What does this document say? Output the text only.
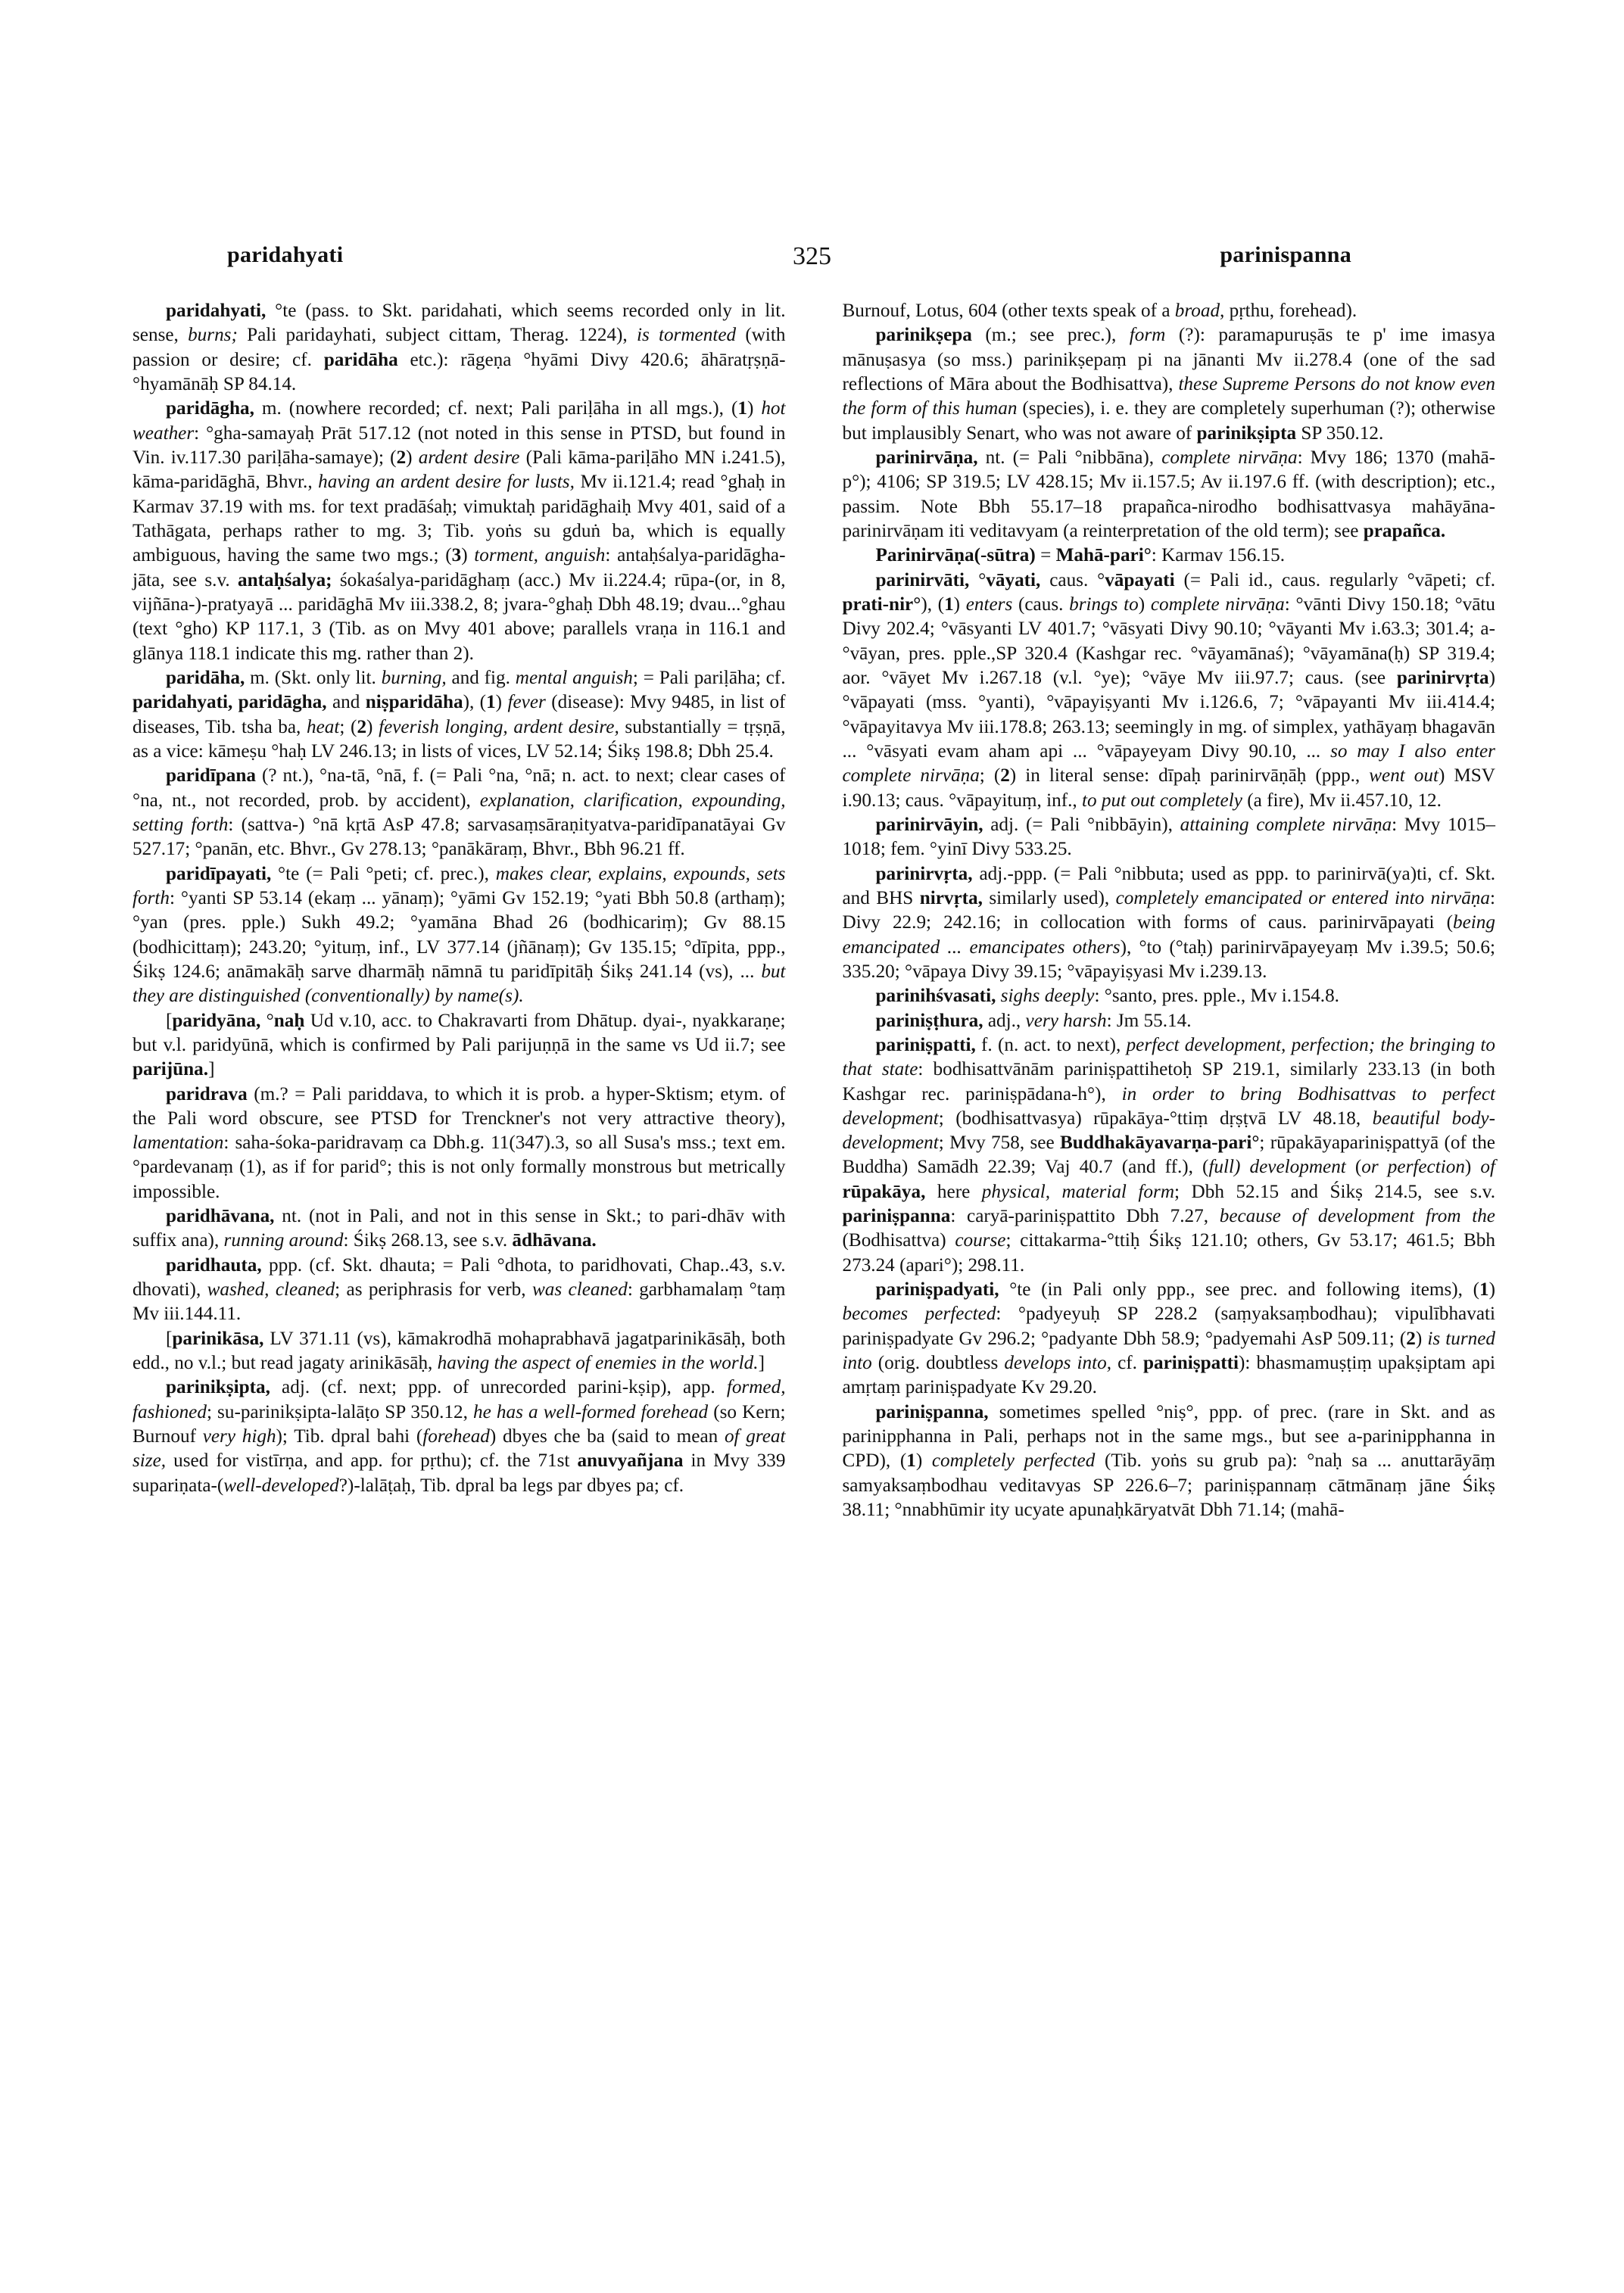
paridahyati	325	parinispanna

paridahyati, °te (pass. to Skt. paridahati, which seems recorded only in lit. sense, burns; Pali paridayhati, subject cittam, Therag. 1224), is tormented (with passion or desire; cf. paridāha etc.): rāgeṇa °hyāmi Divy 420.6; āhāratṛṣṇā-°hyamānāḥ SP 84.14.

paridāgha, m. (nowhere recorded; cf. next; Pali pariḷāha in all mgs.), (1) hot weather: °gha-samayaḥ Prāt 517.12 (not noted in this sense in PTSD, but found in Vin. iv.117.30 pariḷāha-samaye); (2) ardent desire (Pali kāma-pariḷāho MN i.241.5), kāma-paridāghā, Bhvr., having an ardent desire for lusts, Mv ii.121.4; read °ghaḥ in Karmav 37.19 with ms. for text pradāśaḥ; vimuktaḥ paridāghaiḥ Mvy 401, said of a Tathāgata, perhaps rather to mg. 3; Tib. yoṅs su gduṅ ba, which is equally ambiguous, having the same two mgs.; (3) torment, anguish: antaḥśalya-paridāgha-jāta, see s.v. antaḥśalya; śokaśalya-paridāghaṃ (acc.) Mv ii.224.4; rūpa-(or, in 8, vijñāna-)-pratyayā ... paridāghā Mv iii.338.2, 8; jvara-°ghaḥ Dbh 48.19; dvau...°ghau (text °gho) KP 117.1, 3 (Tib. as on Mvy 401 above; parallels vraṇa in 116.1 and glānya 118.1 indicate this mg. rather than 2).

paridāha, m. (Skt. only lit. burning, and fig. mental anguish; = Pali pariḷāha; cf. paridahyati, paridāgha, and niṣparidāha), (1) fever (disease): Mvy 9485, in list of diseases, Tib. tsha ba, heat; (2) feverish longing, ardent desire, substantially = tṛṣṇā, as a vice: kāmeṣu °haḥ LV 246.13; in lists of vices, LV 52.14; Śikṣ 198.8; Dbh 25.4.

paridīpana (? nt.), °na-tā, °nā, f. (= Pali °na, °nā; n. act. to next; clear cases of °na, nt., not recorded, prob. by accident), explanation, clarification, expounding, setting forth: (sattva-) °nā kṛtā AsP 47.8; sarvasaṃsāraṇityatva-paridīpanatāyai Gv 527.17; °panān, etc. Bhvr., Gv 278.13; °panākāraṃ, Bhvr., Bbh 96.21 ff.

paridīpayati, °te (= Pali °peti; cf. prec.), makes clear, explains, expounds, sets forth: °yanti SP 53.14 (ekaṃ ... yānaṃ); °yāmi Gv 152.19; °yati Bbh 50.8 (arthaṃ); °yan (pres. pple.) Sukh 49.2; °yamāna Bhad 26 (bodhicariṃ); Gv 88.15 (bodhicittaṃ); 243.20; °yituṃ, inf., LV 377.14 (jñānaṃ); Gv 135.15; °dīpita, ppp., Śikṣ 124.6; anāmakāḥ sarve dharmāḥ nāmnā tu paridīpitāḥ Śikṣ 241.14 (vs), ... but they are distinguished (conventionally) by name(s).

[paridyāna, °naḥ Ud v.10, acc. to Chakravarti from Dhātup. dyai-, nyakkaraṇe; but v.l. paridyūnā, which is confirmed by Pali parijuṇṇā in the same vs Ud ii.7; see parijūna.]

paridrava (m.? = Pali pariddava, to which it is prob. a hyper-Sktism; etym. of the Pali word obscure, see PTSD for Trenckner's not very attractive theory), lamentation: saha-śoka-paridravaṃ ca Dbh.g. 11(347).3, so all Susa's mss.; text em. °pardevanaṃ (1), as if for parid°; this is not only formally monstrous but metrically impossible.

paridhāvana, nt. (not in Pali, and not in this sense in Skt.; to pari-dhāv with suffix ana), running around: Śikṣ 268.13, see s.v. ādhāvana.

paridhauta, ppp. (cf. Skt. dhauta; = Pali °dhota, to paridhovati, Chap..43, s.v. dhovati), washed, cleaned; as periphrasis for verb, was cleaned: garbhamalaṃ °taṃ Mv iii.144.11.

[parinikāsa, LV 371.11 (vs), kāmakrodhā mohaprabhavā jagatparinikāsāḥ, both edd., no v.l.; but read jagaty arinikāsāḥ, having the aspect of enemies in the world.]

parinikṣipta, adj. (cf. next; ppp. of unrecorded parini-kṣip), app. formed, fashioned; su-parinikṣipta-lalāṭo SP 350.12, he has a well-formed forehead (so Kern; Burnouf very high); Tib. dpral bahi (forehead) dbyes che ba (said to mean of great size, used for vistīrṇa, and app. for pṛthu); cf. the 71st anuvyañjana in Mvy 339 supariṇata-(well-developed?)-lalāṭaḥ, Tib. dpral ba legs par dbyes pa; cf.

Burnouf, Lotus, 604 (other texts speak of a broad, pṛthu, forehead).

parinikṣepa (m.; see prec.), form (?): paramapuruṣās te p' ime imasya mānuṣasya (so mss.) parinikṣepaṃ pi na jānanti Mv ii.278.4 (one of the sad reflections of Māra about the Bodhisattva), these Supreme Persons do not know even the form of this human (species), i. e. they are completely superhuman (?); otherwise but implausibly Senart, who was not aware of parinikṣipta SP 350.12.

parinirvāṇa, nt. (= Pali °nibbāna), complete nirvāṇa: Mvy 186; 1370 (mahā-p°); 4106; SP 319.5; LV 428.15; Mv ii.157.5; Av ii.197.6 ff. (with description); etc., passim. Note Bbh 55.17–18 prapañca-nirodho bodhisattvasya mahāyāna-parinirvāṇam iti veditavyam (a reinterpretation of the old term); see prapañca.

Parinirvāṇa(-sūtra) = Mahā-pari°: Karmav 156.15.

parinirvāti, °vāyati, caus. °vāpayati (= Pali id., caus. regularly °vāpeti; cf. prati-nir°), (1) enters (caus. brings to) complete nirvāṇa: °vānti Divy 150.18; °vātu Divy 202.4; °vāsyanti LV 401.7; °vāsyati Divy 90.10; °vāyanti Mv i.63.3; 301.4; a-°vāyan, pres. pple.,SP 320.4 (Kashgar rec. °vāyamānaś); °vāyamāna(ḥ) SP 319.4; aor. °vāyet Mv i.267.18 (v.l. °ye); °vāye Mv iii.97.7; caus. (see parinirvṛta) °vāpayati (mss. °yanti), °vāpayiṣyanti Mv i.126.6, 7; °vāpayanti Mv iii.414.4; °vāpayitavya Mv iii.178.8; 263.13; seemingly in mg. of simplex, yathāyaṃ bhagavān ... °vāsyati evam aham api ... °vāpayeyam Divy 90.10, ... so may I also enter complete nirvāṇa; (2) in literal sense: dīpaḥ parinirvāṇāḥ (ppp., went out) MSV i.90.13; caus. °vāpayituṃ, inf., to put out completely (a fire), Mv ii.457.10, 12.

parinirvāyin, adj. (= Pali °nibbāyin), attaining complete nirvāṇa: Mvy 1015–1018; fem. °yinī Divy 533.25.

parinirvṛta, adj.-ppp. (= Pali °nibbuta; used as ppp. to parinirvā(ya)ti, cf. Skt. and BHS nirvṛta, similarly used), completely emancipated or entered into nirvāṇa: Divy 22.9; 242.16; in collocation with forms of caus. parinirvāpayati (being emancipated ... emancipates others), °to (°taḥ) parinirvāpayeyaṃ Mv i.39.5; 50.6; 335.20; °vāpaya Divy 39.15; °vāpayiṣyasi Mv i.239.13.

parinihśvasati, sighs deeply: °santo, pres. pple., Mv i.154.8.

pariniṣṭhura, adj., very harsh: Jm 55.14.

pariniṣpatti, f. (n. act. to next), perfect development, perfection; the bringing to that state: bodhisattvānām pariniṣpattihetoḥ SP 219.1, similarly 233.13 (in both Kashgar rec. pariniṣpādana-h°), in order to bring Bodhisattvas to perfect development; (bodhisattvasya) rūpakāya-°ttiṃ dṛṣṭvā LV 48.18, beautiful body-development; Mvy 758, see Buddhakāyavarṇa-pari°; rūpakāyapariniṣpattyā (of the Buddha) Samādh 22.39; Vaj 40.7 (and ff.), (full) development (or perfection) of rūpakāya, here physical, material form; Dbh 52.15 and Śikṣ 214.5, see s.v. pariniṣpanna: caryā-pariniṣpattito Dbh 7.27, because of development from the (Bodhisattva) course; cittakarma-°ttiḥ Śikṣ 121.10; others, Gv 53.17; 461.5; Bbh 273.24 (apari°); 298.11.

pariniṣpadyati, °te (in Pali only ppp., see prec. and following items), (1) becomes perfected: °padyeyuḥ SP 228.2 (saṃyaksaṃbodhau); vipulībhavati pariniṣpadyate Gv 296.2; °padyante Dbh 58.9; °padyemahi AsP 509.11; (2) is turned into (orig. doubtless develops into, cf. pariniṣpatti): bhasmamuṣṭiṃ upakṣiptam api amṛtaṃ pariniṣpadyate Kv 29.20.

pariniṣpanna, sometimes spelled °niṣ°, ppp. of prec. (rare in Skt. and as parinipphanna in Pali, perhaps not in the same mgs., but see a-parinipphanna in CPD), (1) completely perfected (Tib. yoṅs su grub pa): °naḥ sa ... anuttarāyāṃ samyaksaṃbodhau veditavyas SP 226.6–7; pariniṣpannaṃ cātmānaṃ jāne Śikṣ 38.11; °nnabhūmir ity ucyate apunaḥkāryatvāt Dbh 71.14; (mahā-
